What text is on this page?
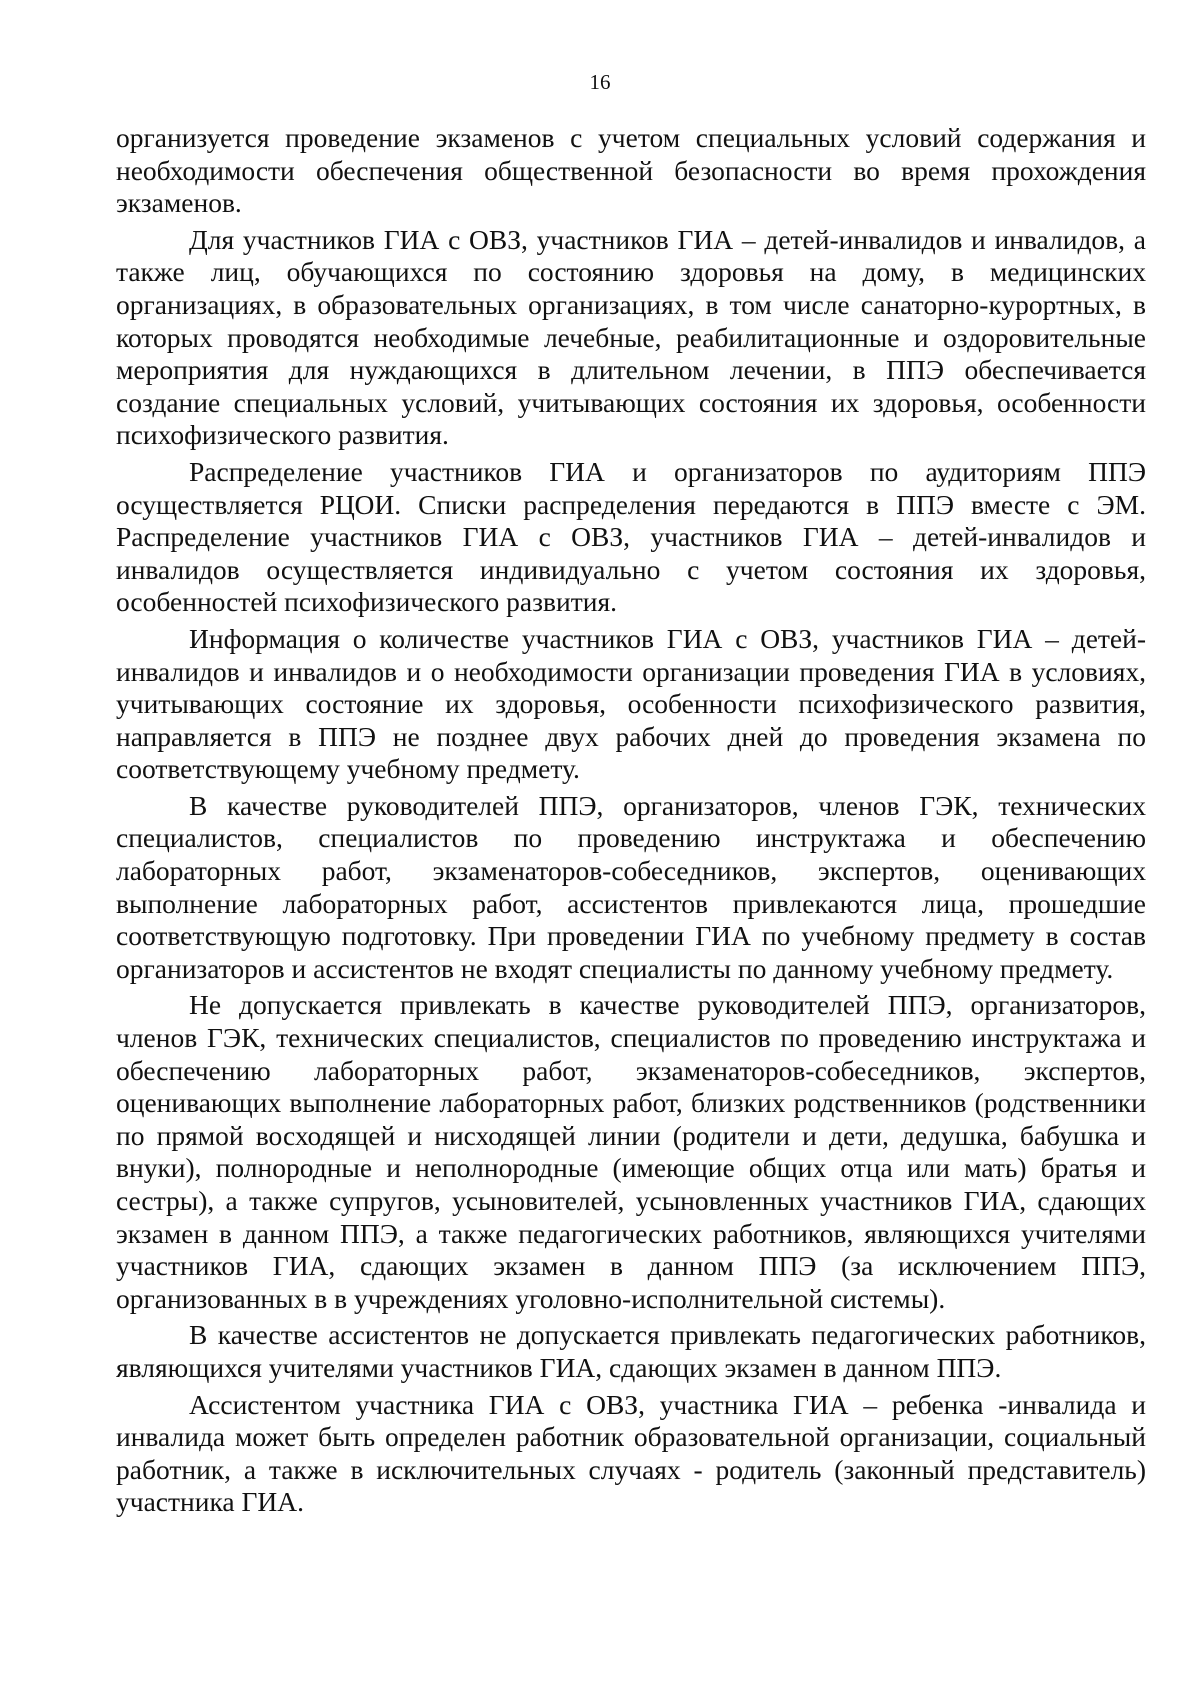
16

организуется проведение экзаменов с учетом специальных условий содержания и необходимости обеспечения общественной безопасности во время прохождения экзаменов.

Для участников ГИА с ОВЗ, участников ГИА – детей-инвалидов и инвалидов, а также лиц, обучающихся по состоянию здоровья на дому, в медицинских организациях, в образовательных организациях, в том числе санаторно-курортных, в которых проводятся необходимые лечебные, реабилитационные и оздоровительные мероприятия для нуждающихся в длительном лечении, в ППЭ обеспечивается создание специальных условий, учитывающих состояния их здоровья, особенности психофизического развития.

Распределение участников ГИА и организаторов по аудиториям ППЭ осуществляется РЦОИ. Списки распределения передаются в ППЭ вместе с ЭМ. Распределение участников ГИА с ОВЗ, участников ГИА – детей-инвалидов и инвалидов осуществляется индивидуально с учетом состояния их здоровья, особенностей психофизического развития.

Информация о количестве участников ГИА с ОВЗ, участников ГИА – детей-инвалидов и инвалидов и о необходимости организации проведения ГИА в условиях, учитывающих состояние их здоровья, особенности психофизического развития, направляется в ППЭ не позднее двух рабочих дней до проведения экзамена по соответствующему учебному предмету.

В качестве руководителей ППЭ, организаторов, членов ГЭК, технических специалистов, специалистов по проведению инструктажа и обеспечению лабораторных работ, экзаменаторов-собеседников, экспертов, оценивающих выполнение лабораторных работ, ассистентов привлекаются лица, прошедшие соответствующую подготовку. При проведении ГИА по учебному предмету в состав организаторов и ассистентов не входят специалисты по данному учебному предмету.

Не допускается привлекать в качестве руководителей ППЭ, организаторов, членов ГЭК, технических специалистов, специалистов по проведению инструктажа и обеспечению лабораторных работ, экзаменаторов-собеседников, экспертов, оценивающих выполнение лабораторных работ, близких родственников (родственники по прямой восходящей и нисходящей линии (родители и дети, дедушка, бабушка и внуки), полнородные и неполнородные (имеющие общих отца или мать) братья и сестры), а также супругов, усыновителей, усыновленных участников ГИА, сдающих экзамен в данном ППЭ, а также педагогических работников, являющихся учителями участников ГИА, сдающих экзамен в данном ППЭ (за исключением ППЭ, организованных в в учреждениях уголовно-исполнительной системы).

В качестве ассистентов не допускается привлекать педагогических работников, являющихся учителями участников ГИА, сдающих экзамен в данном ППЭ.

Ассистентом участника ГИА с ОВЗ, участника ГИА – ребенка -инвалида и инвалида может быть определен работник образовательной организации, социальный работник, а также в исключительных случаях - родитель (законный представитель) участника ГИА.
